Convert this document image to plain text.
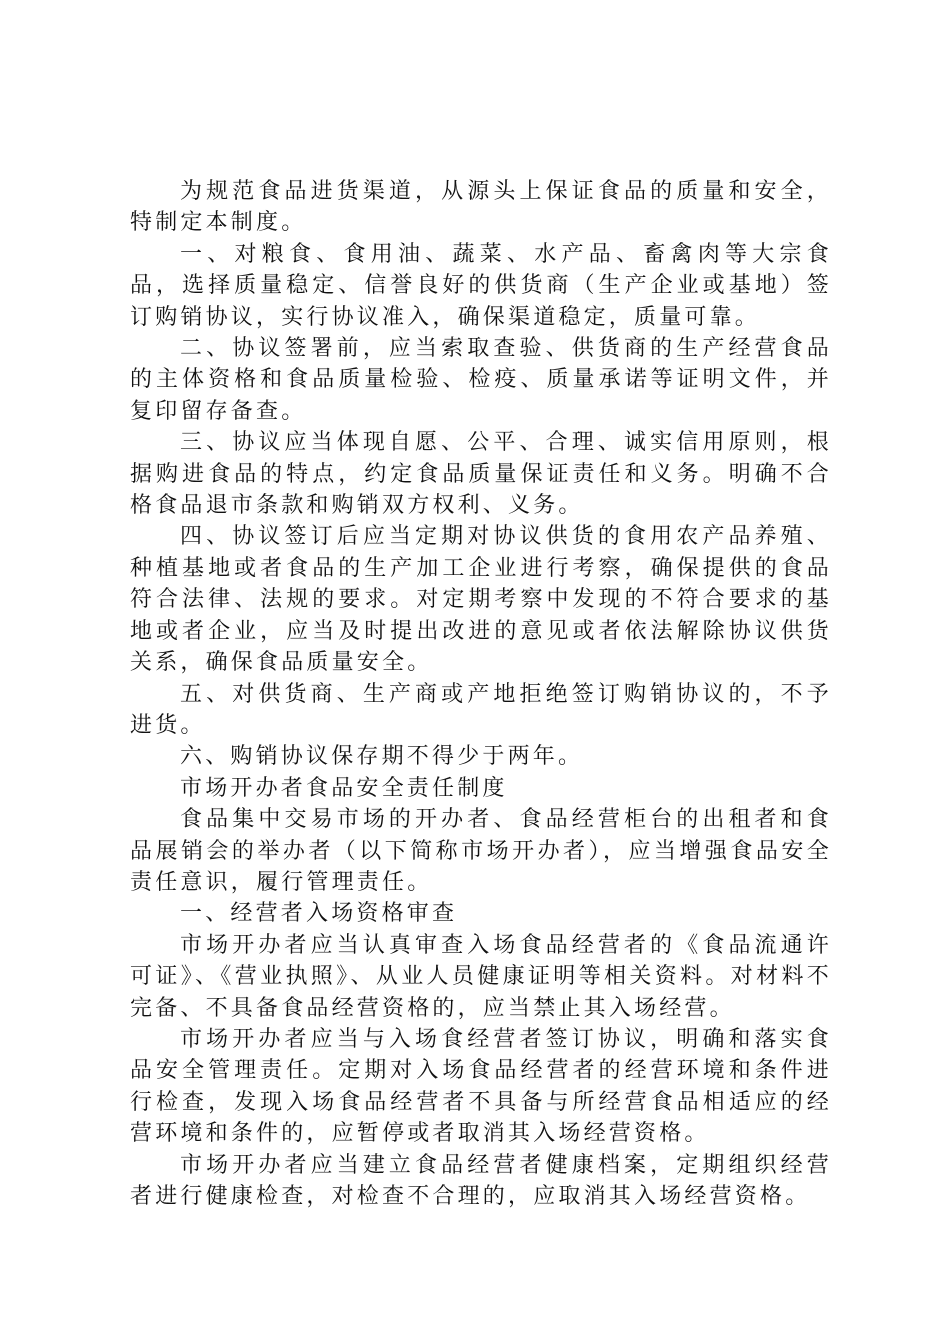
为规范食品进货渠道，从源头上保证食品的质量和安全，特制定本制度。

一、对粮食、食用油、蔬菜、水产品、畜禽肉等大宗食品，选择质量稳定、信誉良好的供货商（生产企业或基地）签订购销协议，实行协议准入，确保渠道稳定，质量可靠。

二、协议签署前，应当索取查验、供货商的生产经营食品的主体资格和食品质量检验、检疫、质量承诺等证明文件，并复印留存备查。

三、协议应当体现自愿、公平、合理、诚实信用原则，根据购进食品的特点，约定食品质量保证责任和义务。明确不合格食品退市条款和购销双方权利、义务。

四、协议签订后应当定期对协议供货的食用农产品养殖、种植基地或者食品的生产加工企业进行考察，确保提供的食品符合法律、法规的要求。对定期考察中发现的不符合要求的基地或者企业，应当及时提出改进的意见或者依法解除协议供货关系，确保食品质量安全。

五、对供货商、生产商或产地拒绝签订购销协议的，不予进货。

六、购销协议保存期不得少于两年。

市场开办者食品安全责任制度

食品集中交易市场的开办者、食品经营柜台的出租者和食品展销会的举办者（以下简称市场开办者），应当增强食品安全责任意识，履行管理责任。

一、经营者入场资格审查

市场开办者应当认真审查入场食品经营者的《食品流通许可证》、《营业执照》、从业人员健康证明等相关资料。对材料不完备、不具备食品经营资格的，应当禁止其入场经营。

市场开办者应当与入场食经营者签订协议，明确和落实食品安全管理责任。定期对入场食品经营者的经营环境和条件进行检查，发现入场食品经营者不具备与所经营食品相适应的经营环境和条件的，应暂停或者取消其入场经营资格。

市场开办者应当建立食品经营者健康档案，定期组织经营者进行健康检查，对检查不合理的，应取消其入场经营资格。
